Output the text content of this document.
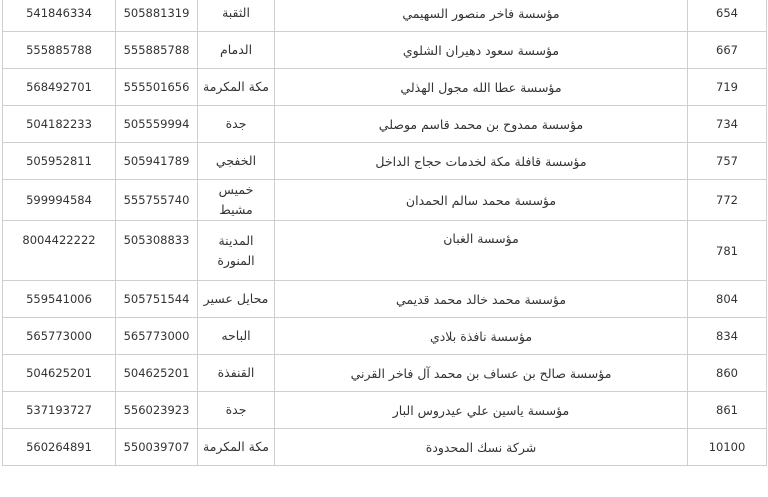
541846334	505881319	الثقبة	مؤسسة فاخر منصور السهيمي	654
555885788	555885788	الدمام	مؤسسة سعود دهيران الشلوي	667
568492701	555501656	مكة المكرمة	مؤسسة عطا الله مجول الهذلي	719
504182233	505559994	جدة	مؤسسة ممدوح بن محمد قاسم موصلي	734
505952811	505941789	الخفجي	مؤسسة قافلة مكة لخدمات حجاج الداخل	757
599994584	555755740	خميس مشيط	مؤسسة محمد سالم الحمدان	772
8004422222	505308833	المدينة المنورة	مؤسسة الغبان	781
559541006	505751544	محايل عسير	مؤسسة محمد خالد محمد قديمي	804
565773000	565773000	الباحه	مؤسسة نافذة بلادي	834
504625201	504625201	القنفذة	مؤسسة صالح بن عساف بن محمد آل فاخر القرني	860
537193727	556023923	جدة	مؤسسة ياسين علي عيدروس البار	861
560264891	550039707	مكة المكرمة	شركة نسك المحدودة	10100
